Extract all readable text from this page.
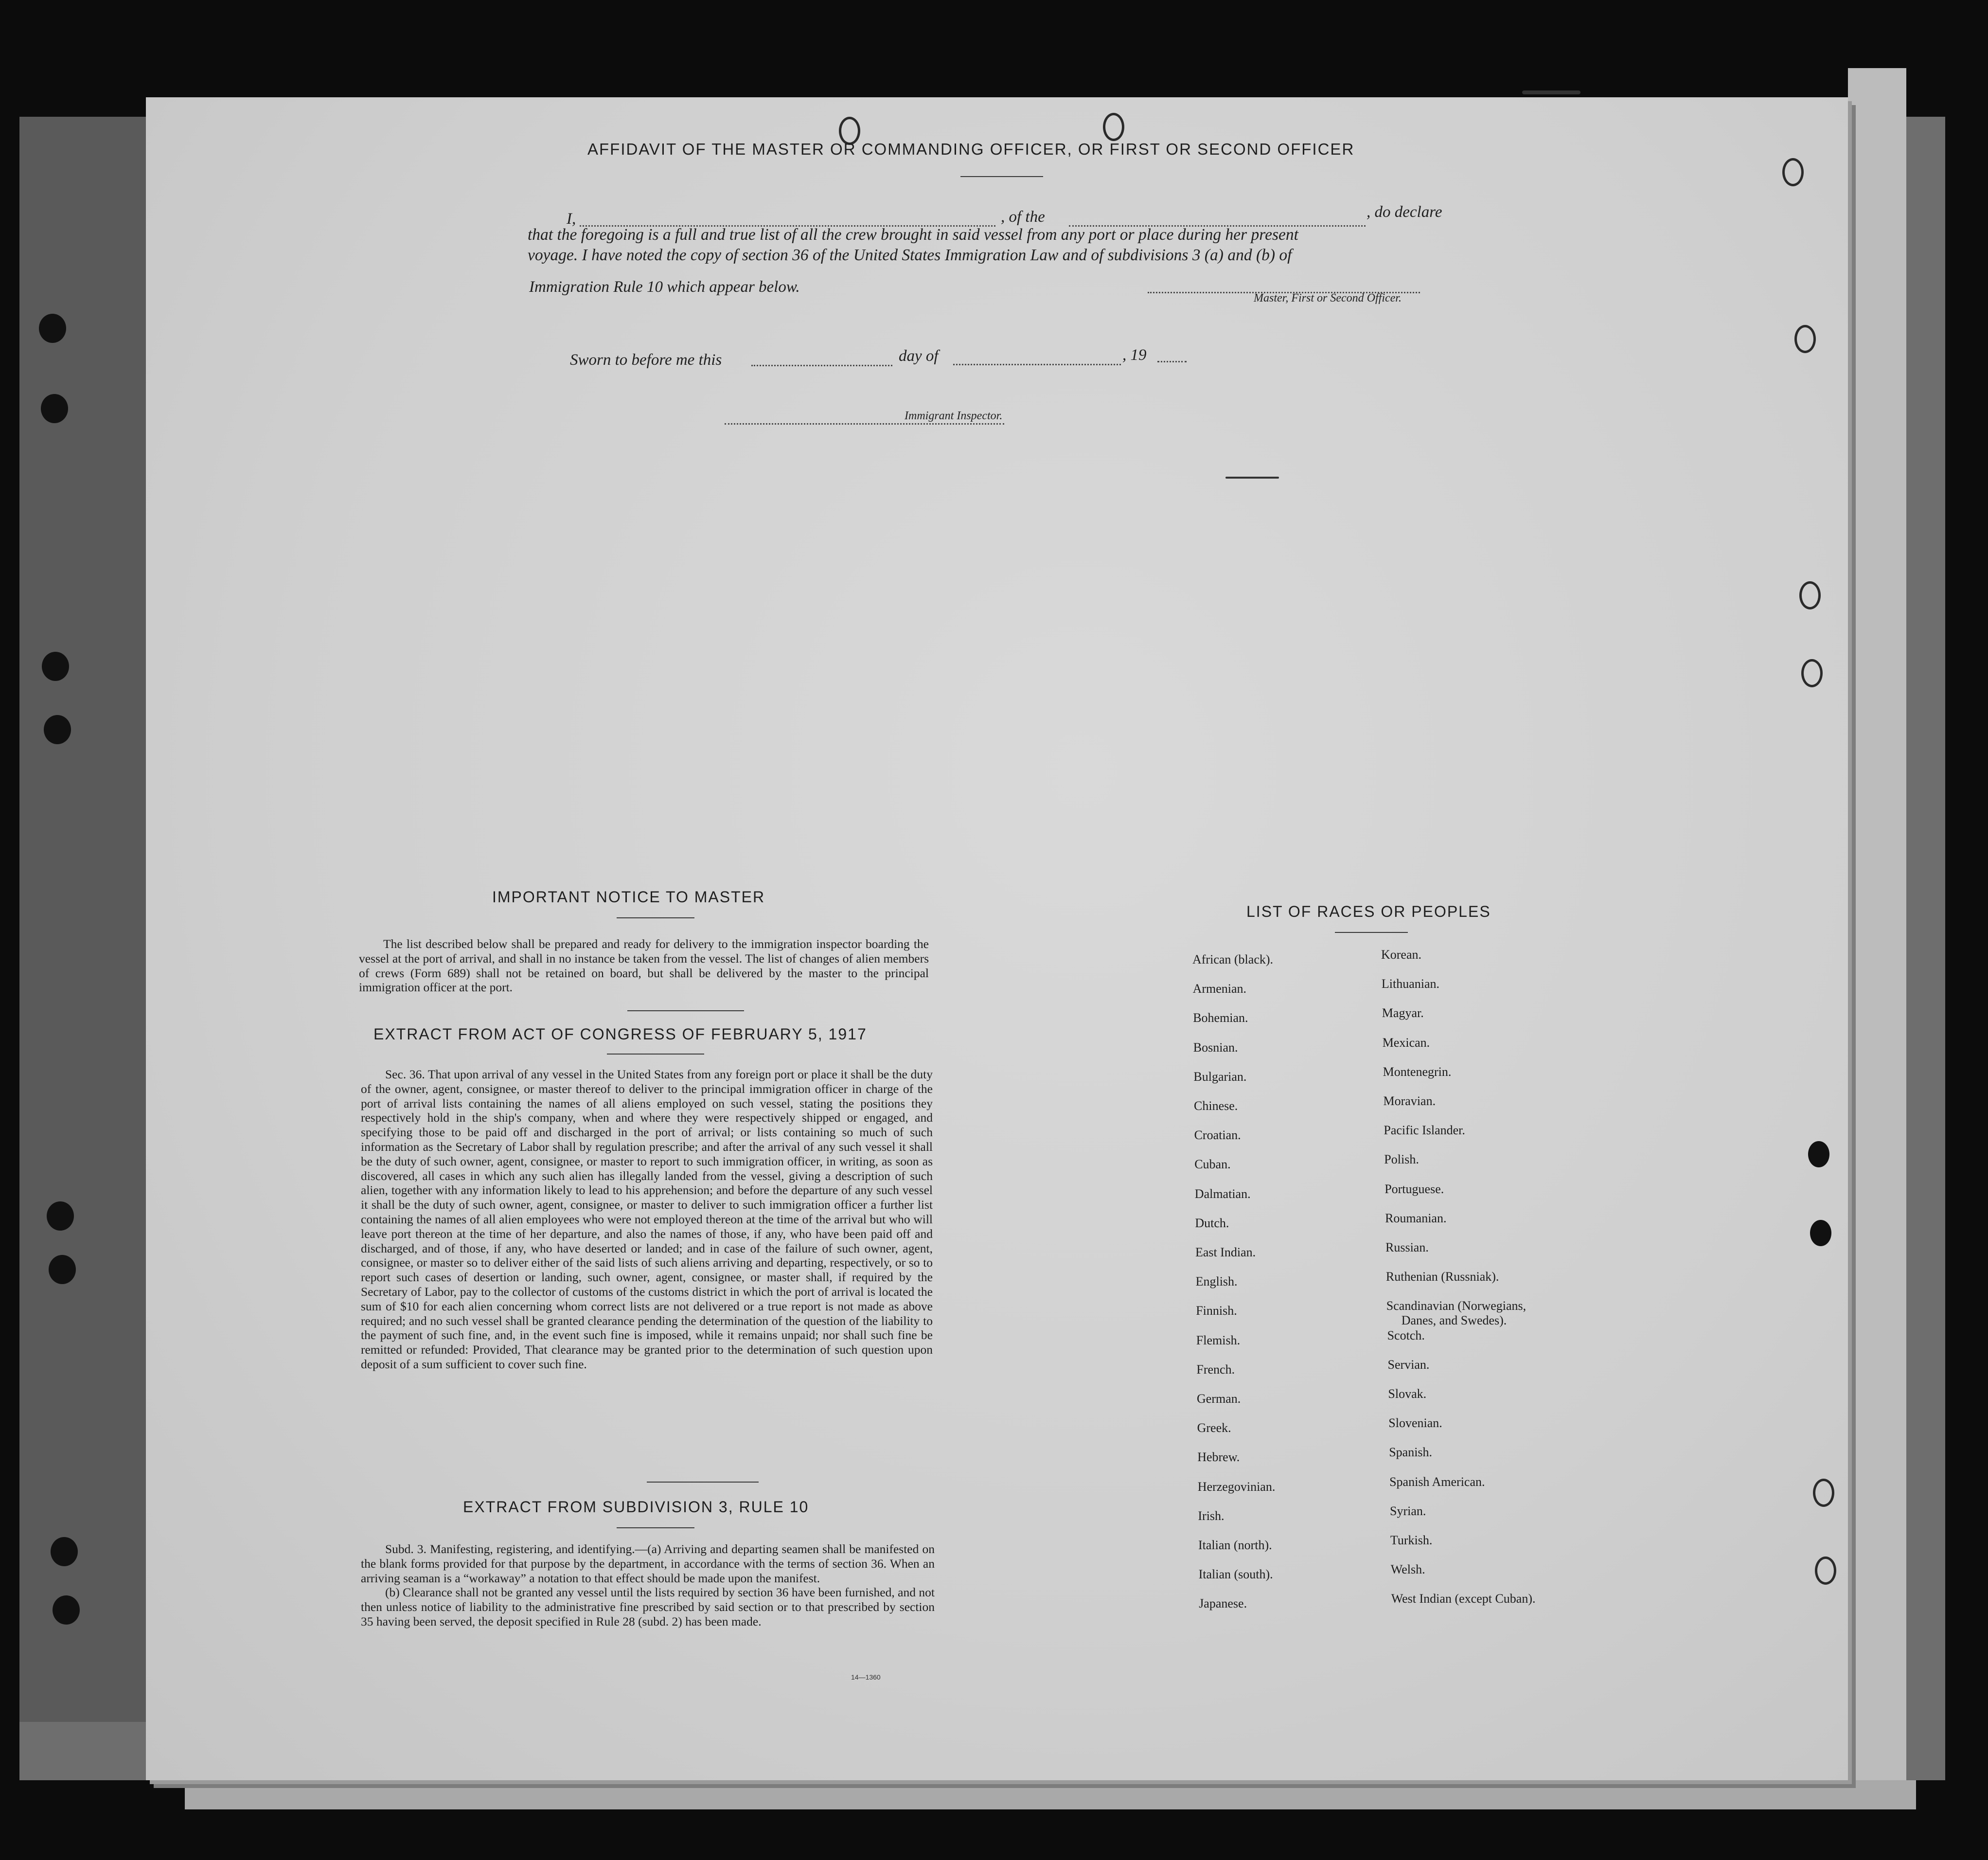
AFFIDAVIT OF THE MASTER OR COMMANDING OFFICER, OR FIRST OR SECOND OFFICER
I,	, of the	, do declare
that the foregoing is a full and true list of all the crew brought in said vessel from any port or place during her present
voyage. I have noted the copy of section 36 of the United States Immigration Law and of subdivisions 3 (a) and (b) of
Immigration Rule 10 which appear below.
Master, First or Second Officer.
Sworn to before me this	day of	, 19
Immigrant Inspector.
IMPORTANT NOTICE TO MASTER

The list described below shall be prepared and ready for delivery to the immigration inspector boarding the vessel at the port of arrival, and shall in no instance be taken from the vessel. The list of changes of alien members of crews (Form 689) shall not be retained on board, but shall be delivered by the master to the principal immigration officer at the port.

EXTRACT FROM ACT OF CONGRESS OF FEBRUARY 5, 1917

Sec. 36. That upon arrival of any vessel in the United States from any foreign port or place it shall be the duty of the owner, agent, consignee, or master thereof to deliver to the principal immigration officer in charge of the port of arrival lists containing the names of all aliens employed on such vessel, stating the positions they respectively hold in the ship's company, when and where they were respectively shipped or engaged, and specifying those to be paid off and discharged in the port of arrival; or lists containing so much of such information as the Secretary of Labor shall by regulation prescribe; and after the arrival of any such vessel it shall be the duty of such owner, agent, consignee, or master to report to such immigration officer, in writing, as soon as discovered, all cases in which any such alien has illegally landed from the vessel, giving a description of such alien, together with any information likely to lead to his apprehension; and before the departure of any such vessel it shall be the duty of such owner, agent, consignee, or master to deliver to such immigration officer a further list containing the names of all alien employees who were not employed thereon at the time of the arrival but who will leave port thereon at the time of her departure, and also the names of those, if any, who have been paid off and discharged, and of those, if any, who have deserted or landed; and in case of the failure of such owner, agent, consignee, or master so to deliver either of the said lists of such aliens arriving and departing, respectively, or so to report such cases of desertion or landing, such owner, agent, consignee, or master shall, if required by the Secretary of Labor, pay to the collector of customs of the customs district in which the port of arrival is located the sum of $10 for each alien concerning whom correct lists are not delivered or a true report is not made as above required; and no such vessel shall be granted clearance pending the determination of the question of the liability to the payment of such fine, and, in the event such fine is imposed, while it remains unpaid; nor shall such fine be remitted or refunded: Provided, That clearance may be granted prior to the determination of such question upon deposit of a sum sufficient to cover such fine.

EXTRACT FROM SUBDIVISION 3, RULE 10

Subd. 3. Manifesting, registering, and identifying.—(a) Arriving and departing seamen shall be manifested on the blank forms provided for that purpose by the department, in accordance with the terms of section 36. When an arriving seaman is a “workaway” a notation to that effect should be made upon the manifest.

(b) Clearance shall not be granted any vessel until the lists required by section 36 have been furnished, and not then unless notice of liability to the administrative fine prescribed by said section or to that prescribed by section 35 having been served, the deposit specified in Rule 28 (subd. 2) has been made.

14—1360
LIST OF RACES OR PEOPLES
African (black).
Armenian.
Bohemian.
Bosnian.
Bulgarian.
Chinese.
Croatian.
Cuban.
Dalmatian.
Dutch.
East Indian.
English.
Finnish.
Flemish.
French.
German.
Greek.
Hebrew.
Herzegovinian.
Irish.
Italian (north).
Italian (south).
Japanese.
Korean.
Lithuanian.
Magyar.
Mexican.
Montenegrin.
Moravian.
Pacific Islander.
Polish.
Portuguese.
Roumanian.
Russian.
Ruthenian (Russniak).
Scandinavian (Norwegians,
Danes, and Swedes).
Scotch.
Servian.
Slovak.
Slovenian.
Spanish.
Spanish American.
Syrian.
Turkish.
Welsh.
West Indian (except Cuban).
